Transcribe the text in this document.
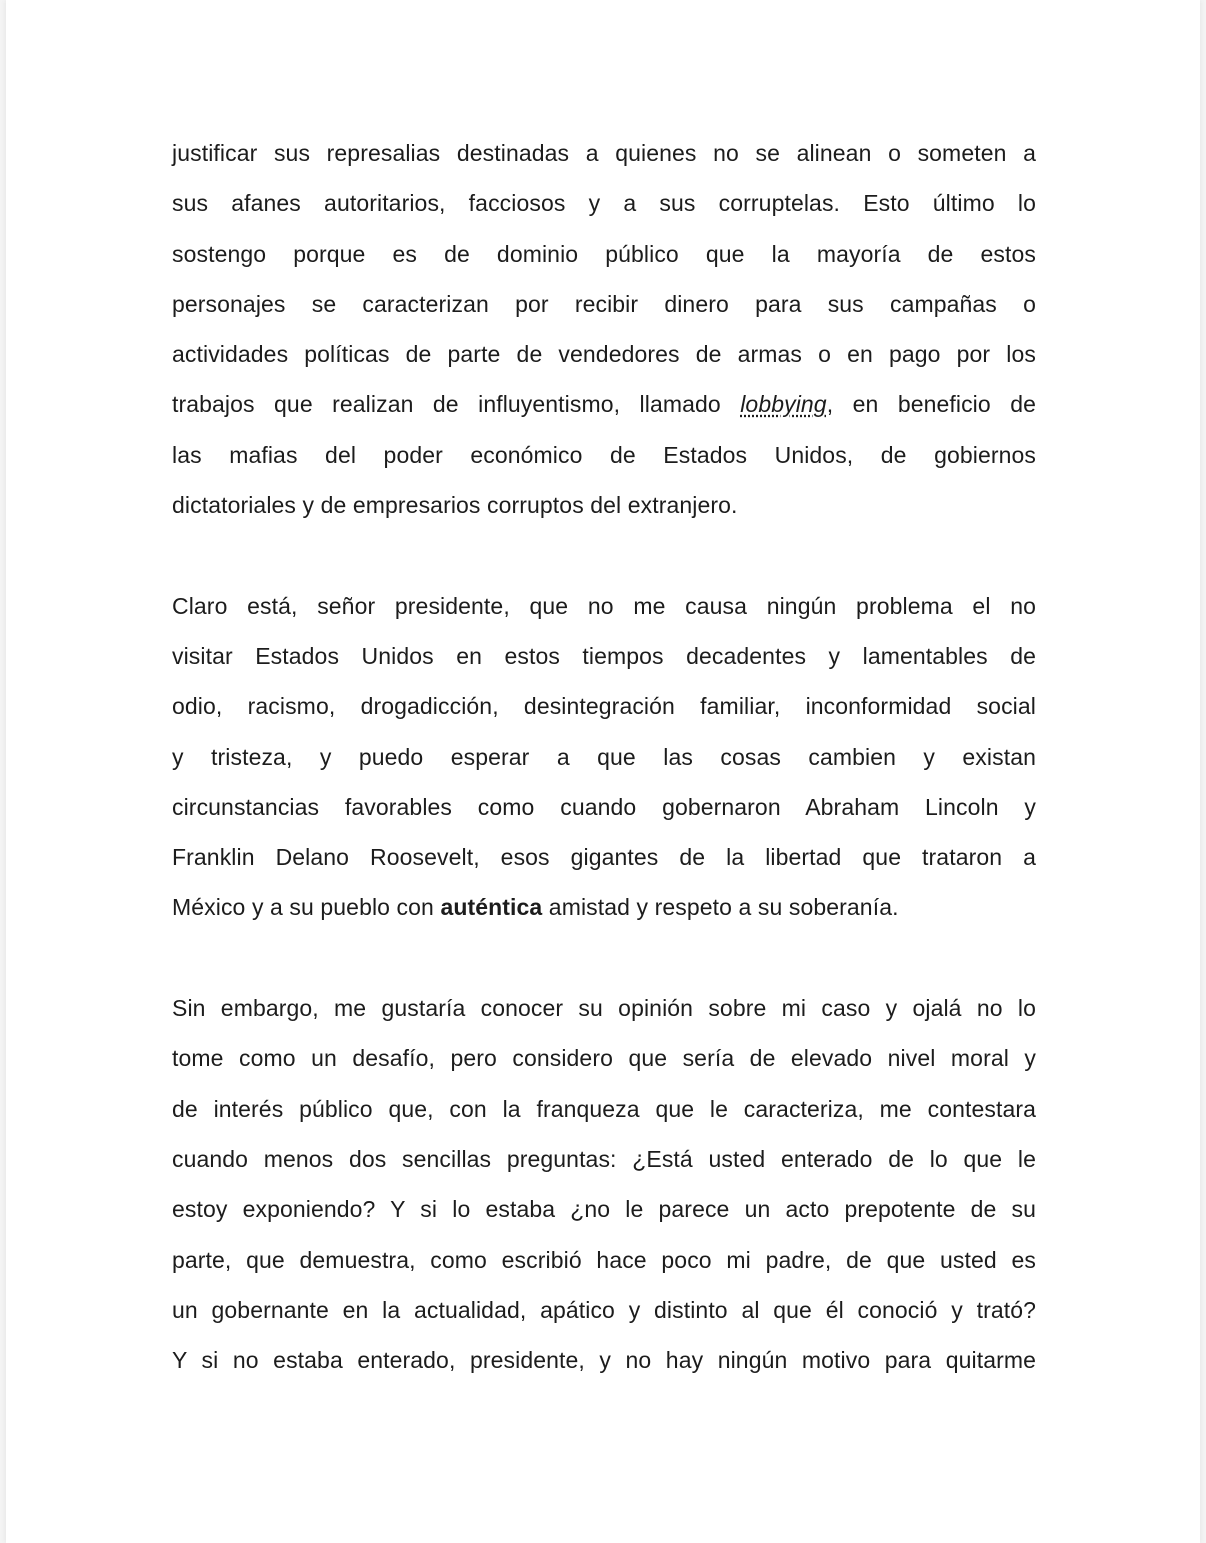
justificar sus represalias destinadas a quienes no se alinean o someten a
sus afanes autoritarios, facciosos y a sus corruptelas. Esto último lo
sostengo porque es de dominio público que la mayoría de estos
personajes se caracterizan por recibir dinero para sus campañas o
actividades políticas de parte de vendedores de armas o en pago por los
trabajos que realizan de influyentismo, llamado lobbying, en beneficio de
las mafias del poder económico de Estados Unidos, de gobiernos
dictatoriales y de empresarios corruptos del extranjero.
Claro está, señor presidente, que no me causa ningún problema el no
visitar Estados Unidos en estos tiempos decadentes y lamentables de
odio, racismo, drogadicción, desintegración familiar, inconformidad social
y tristeza, y puedo esperar a que las cosas cambien y existan
circunstancias favorables como cuando gobernaron Abraham Lincoln y
Franklin Delano Roosevelt, esos gigantes de la libertad que trataron a
México y a su pueblo con auténtica amistad y respeto a su soberanía.
Sin embargo, me gustaría conocer su opinión sobre mi caso y ojalá no lo
tome como un desafío, pero considero que sería de elevado nivel moral y
de interés público que, con la franqueza que le caracteriza, me contestara
cuando menos dos sencillas preguntas: ¿Está usted enterado de lo que le
estoy exponiendo? Y si lo estaba ¿no le parece un acto prepotente de su
parte, que demuestra, como escribió hace poco mi padre, de que usted es
un gobernante en la actualidad, apático y distinto al que él conoció y trató?
Y si no estaba enterado, presidente, y no hay ningún motivo para quitarme
